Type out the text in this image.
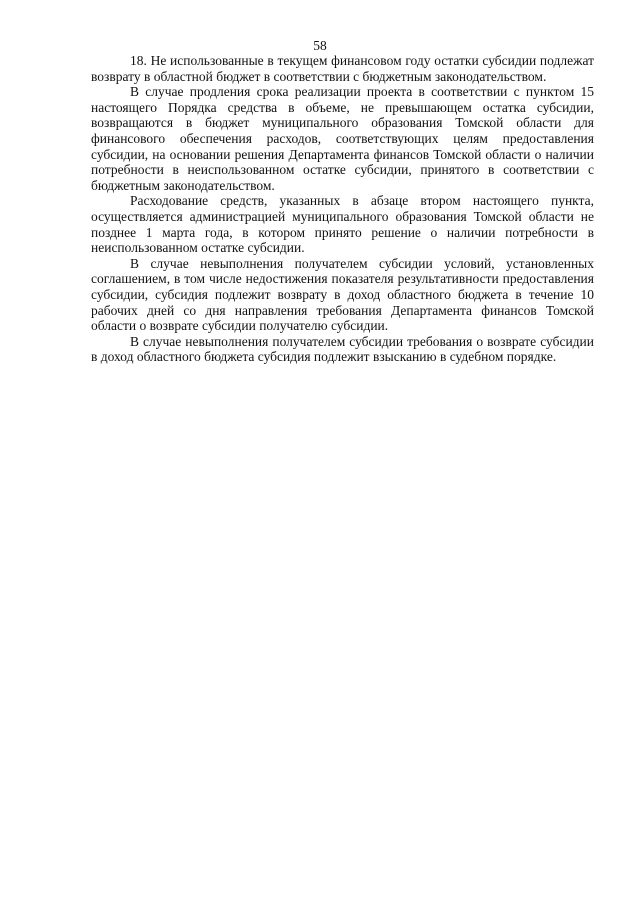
58

18. Не использованные в текущем финансовом году остатки субсидии подлежат возврату в областной бюджет в соответствии с бюджетным законодательством.

В случае продления срока реализации проекта в соответствии с пунктом 15 настоящего Порядка средства в объеме, не превышающем остатка субсидии, возвращаются в бюджет муниципального образования Томской области для финансового обеспечения расходов, соответствующих целям предоставления субсидии, на основании решения Департамента финансов Томской области о наличии потребности в неиспользованном остатке субсидии, принятого в соответствии с бюджетным законодательством.

Расходование средств, указанных в абзаце втором настоящего пункта, осуществляется администрацией муниципального образования Томской области не позднее 1 марта года, в котором принято решение о наличии потребности в неиспользованном остатке субсидии.

В случае невыполнения получателем субсидии условий, установленных соглашением, в том числе недостижения показателя результативности предоставления субсидии, субсидия подлежит возврату в доход областного бюджета в течение 10 рабочих дней со дня направления требования Департамента финансов Томской области о возврате субсидии получателю субсидии.

В случае невыполнения получателем субсидии требования о возврате субсидии в доход областного бюджета субсидия подлежит взысканию в судебном порядке.
